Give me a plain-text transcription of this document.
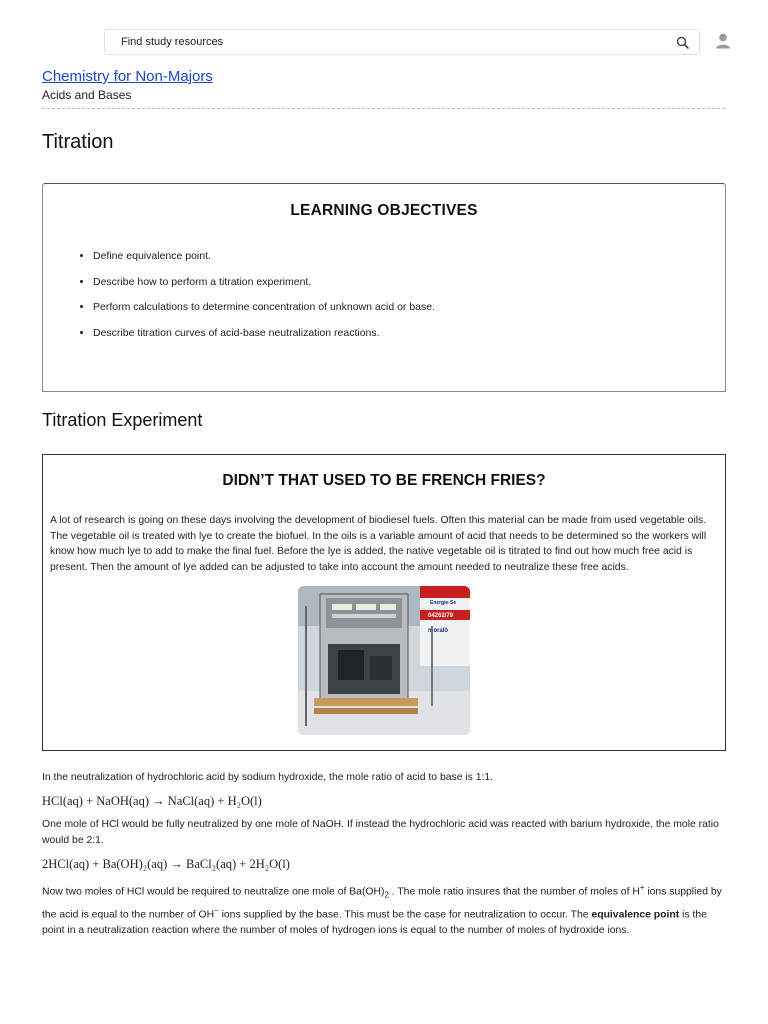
Find study resources
Chemistry for Non-Majors
Acids and Bases
Titration
LEARNING OBJECTIVES
• Define equivalence point.
• Describe how to perform a titration experiment.
• Perform calculations to determine concentration of unknown acid or base.
• Describe titration curves of acid-base neutralization reactions.
Titration Experiment
DIDN’T THAT USED TO BE FRENCH FRIES?

A lot of research is going on these days involving the development of biodiesel fuels. Often this material can be made from used vegetable oils. The vegetable oil is treated with lye to create the biofuel. In the oils is a variable amount of acid that needs to be determined so the workers will know how much lye to add to make the final fuel. Before the lye is added, the native vegetable oil is titrated to find out how much free acid is present. Then the amount of lye added can be adjusted to take into account the amount needed to neutralize these free acids.

Energie-Se
04262/79
moralö

In the neutralization of hydrochloric acid by sodium hydroxide, the mole ratio of acid to base is 1:1.

HCl(aq) + NaOH(aq) → NaCl(aq) + H₂O(l)

One mole of HCl would be fully neutralized by one mole of NaOH. If instead the hydrochloric acid was reacted with barium hydroxide, the mole ratio would be 2:1.

2HCl(aq) + Ba(OH)₂(aq) → BaCl₂(aq) + 2H₂O(l)

Now two moles of HCl would be required to neutralize one mole of $Ba(OH)_2$ . The mole ratio insures that the number of moles of H+ ions supplied by the acid is equal to the number of OH− ions supplied by the base. This must be the case for neutralization to occur. The equivalence point is the point in a neutralization reaction where the number of moles of hydrogen ions is equal to the number of moles of hydroxide ions.
